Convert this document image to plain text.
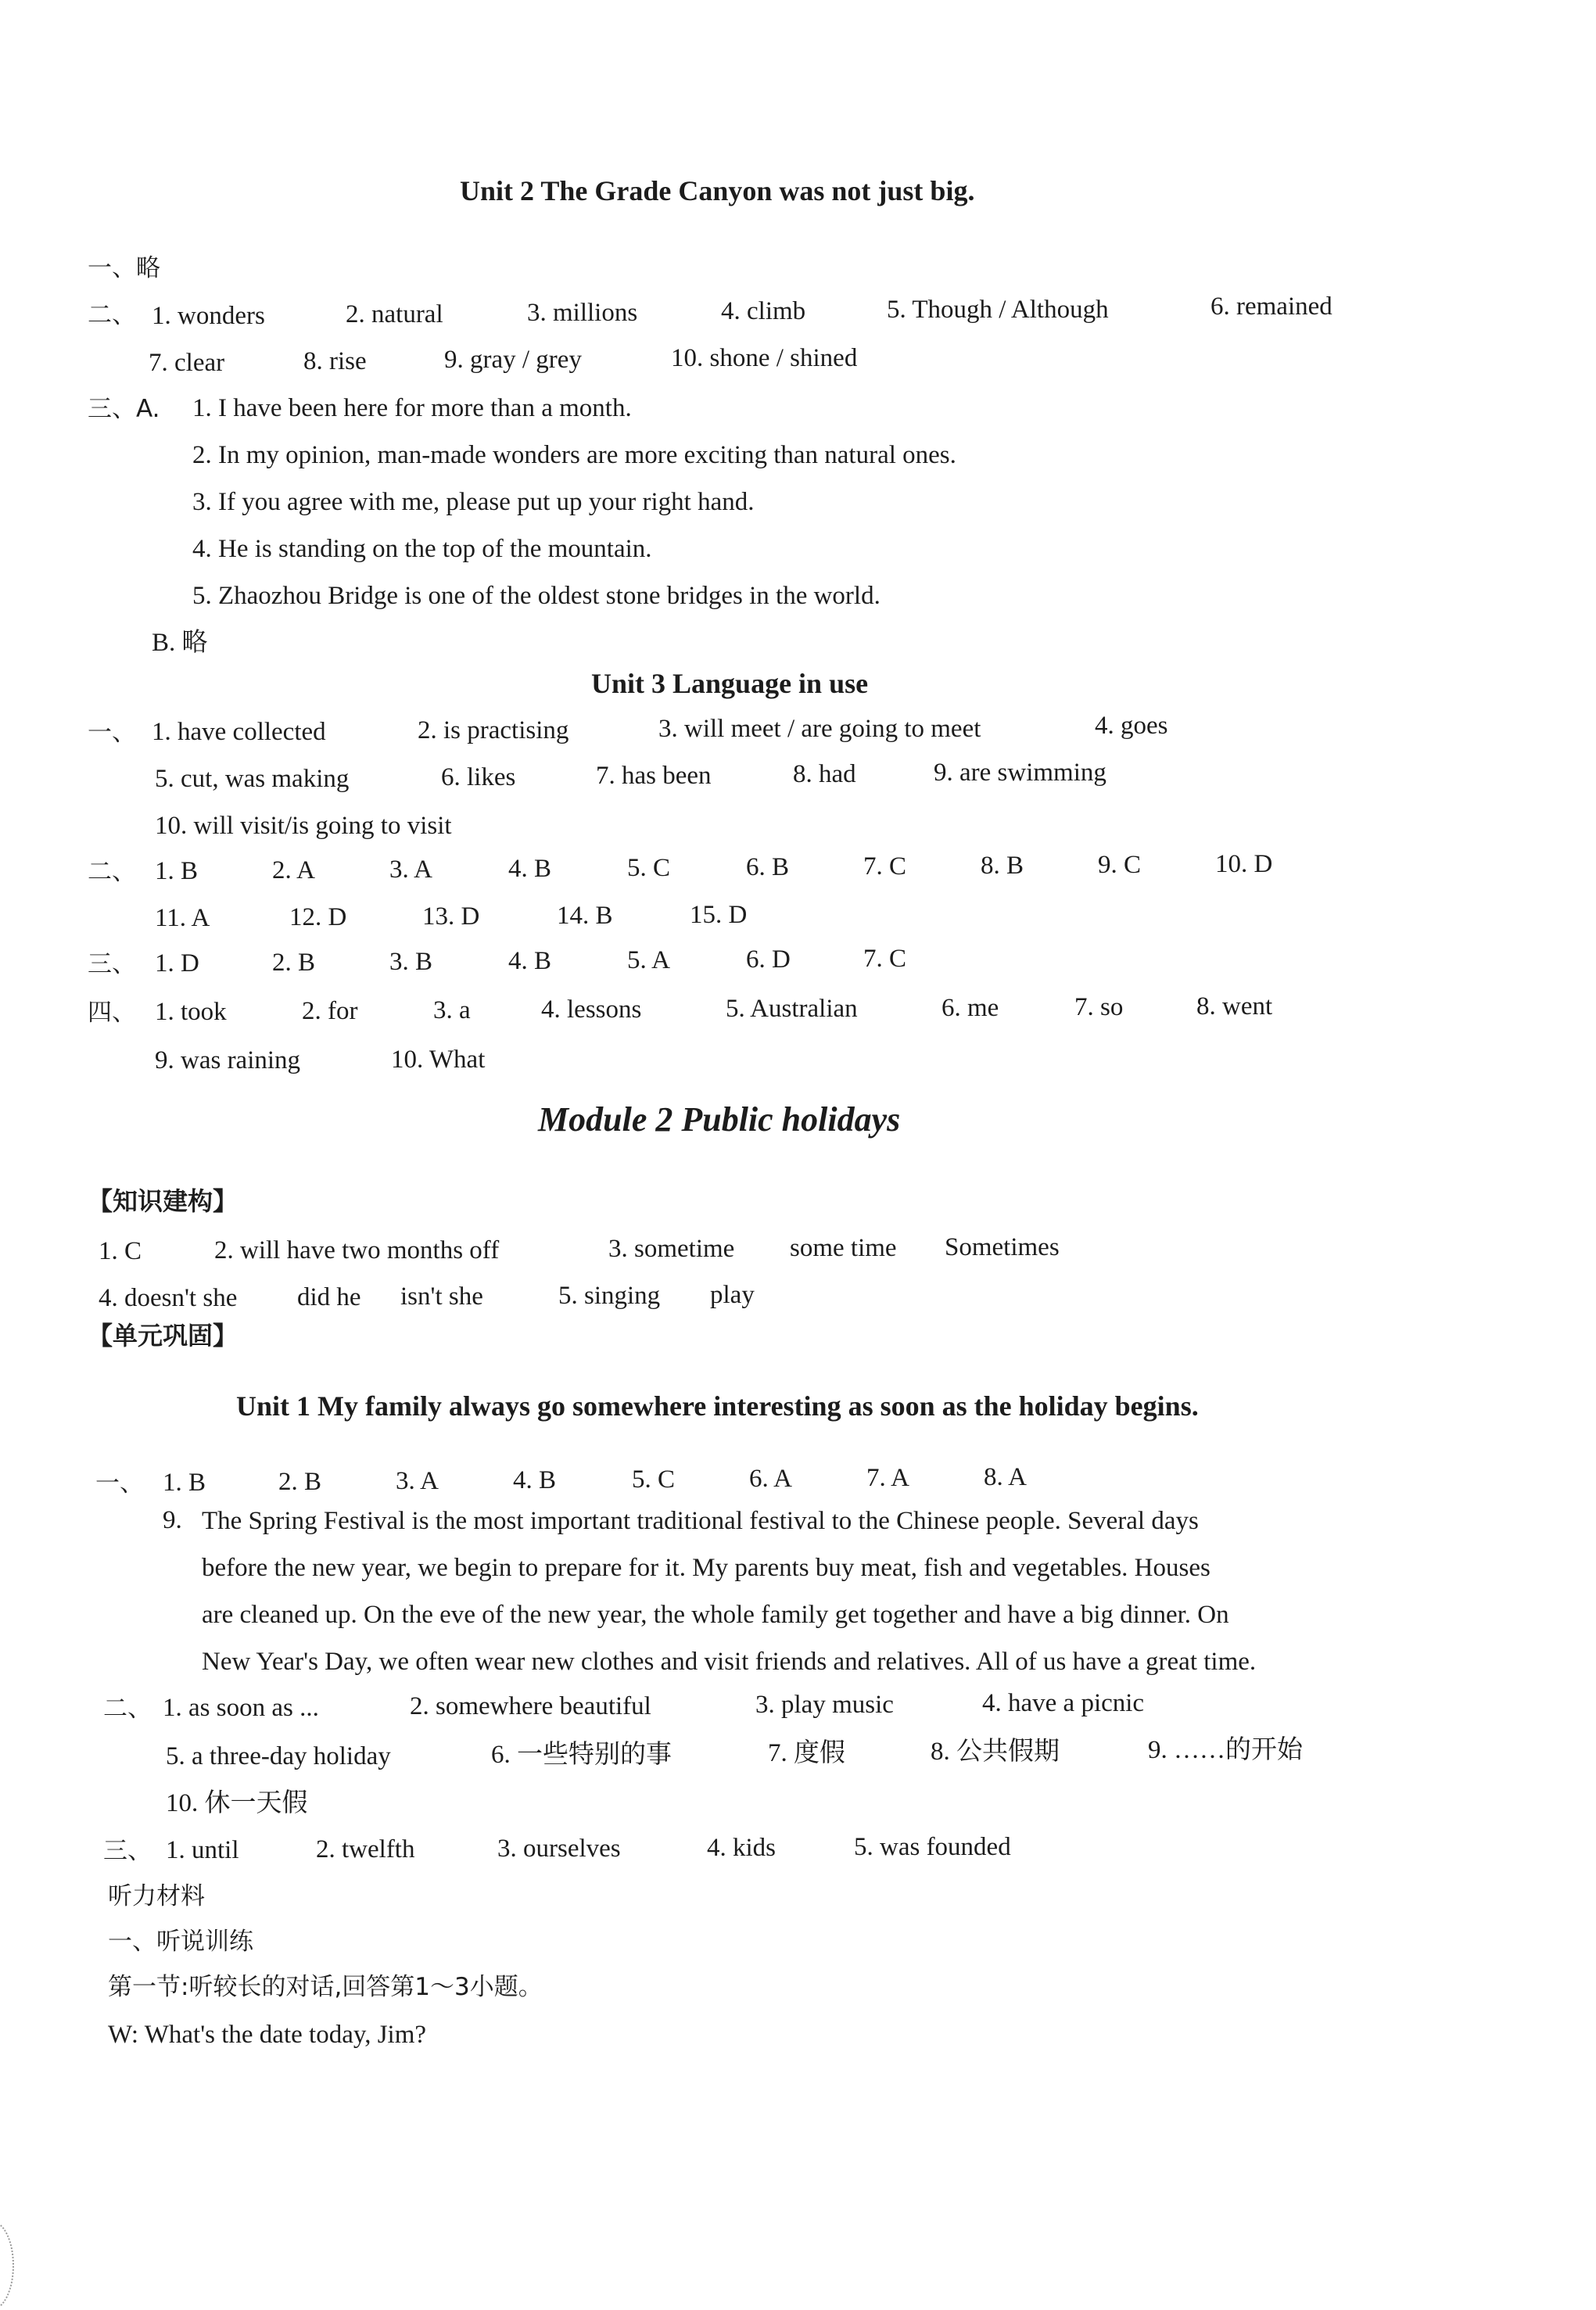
Unit 2 The Grade Canyon was not just big.
一、略
二、 1. wonders	2. natural	3. millions	4. climb	5. Though / Although	6. remained
7. clear	8. rise	9. gray / grey	10. shone / shined
三、A. 1. I have been here for more than a month.
2. In my opinion, man-made wonders are more exciting than natural ones.
3. If you agree with me, please put up your right hand.
4. He is standing on the top of the mountain.
5. Zhaozhou Bridge is one of the oldest stone bridges in the world.
B. 略
Unit 3 Language in use
一、 1. have collected	2. is practising	3. will meet / are going to meet	4. goes
5. cut, was making	6. likes	7. has been	8. had	9. are swimming
10. will visit/is going to visit
二、 1. B	2. A	3. A	4. B	5. C	6. B	7. C	8. B	9. C	10. D
11. A	12. D	13. D	14. B	15. D
三、 1. D	2. B	3. B	4. B	5. A	6. D	7. C
四、 1. took	2. for	3. a	4. lessons	5. Australian	6. me	7. so	8. went
9. was raining	10. What
Module 2 Public holidays
【知识建构】
1. C	2. will have two months off	3. sometime some time Sometimes
4. doesn't she did he isn't she	5. singing play
【单元巩固】
Unit 1 My family always go somewhere interesting as soon as the holiday begins.
一、 1. B	2. B	3. A	4. B	5. C	6. A	7. A	8. A
9. The Spring Festival is the most important traditional festival to the Chinese people. Several days

before the new year, we begin to prepare for it. My parents buy meat, fish and vegetables. Houses

are cleaned up. On the eve of the new year, the whole family get together and have a big dinner. On

New Year's Day, we often wear new clothes and visit friends and relatives. All of us have a great time.

二、 1. as soon as ...	2. somewhere beautiful	3. play music	4. have a picnic
5. a three-day holiday	6. 一些特别的事	7. 度假	8. 公共假期	9. ……的开始
10. 休一天假
三、 1. until	2. twelfth	3. ourselves	4. kids	5. was founded
听力材料
一、听说训练
第一节:听较长的对话,回答第1～3小题。
W: What's the date today, Jim?
